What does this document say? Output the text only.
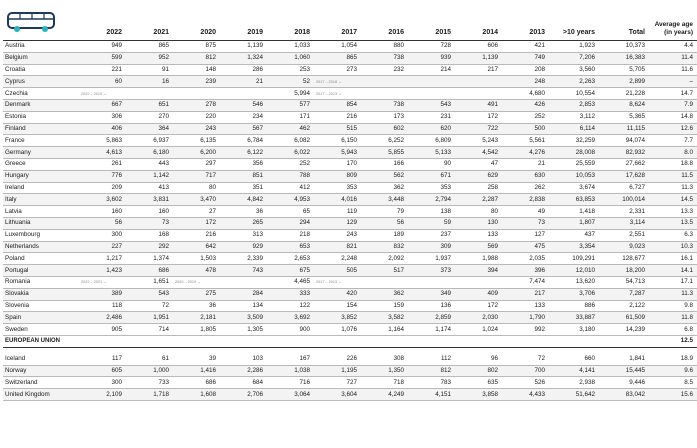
	2022	2021	2020	2019	2018	2017	2016	2015	2014	2013	>10 years	Total	Average age (in years)
Austria	949	865	875	1,139	1,033	1,054	880	728	606	421	1,923	10,373	4.4
Belgium	599	952	812	1,324	1,060	865	738	939	1,139	749	7,206	16,383	11.4
Croatia	221	91	148	286	253	273	232	214	217	208	3,560	5,705	11.6
Cyprus	60	16	239	21	52	2017 – 2018 →				248	2,263	2,899	–
Czechia	2022 – 2019 →				5,994	2017 – 2013 →				4,680	10,554	21,228	14.7
Denmark	667	651	278	546	577	854	738	543	491	426	2,853	8,624	7.9
Estonia	306	270	220	234	171	216	173	231	172	252	3,112	5,365	14.8
Finland	406	364	243	567	462	515	602	620	722	500	6,114	11,115	12.6
France	5,863	6,937	6,135	6,784	6,082	6,150	6,252	6,809	5,243	5,561	32,259	94,074	7.7
Germany	4,613	6,180	6,200	6,122	6,022	5,943	5,855	5,133	4,542	4,276	28,008	82,932	8.0
Greece	261	443	297	356	252	170	166	90	47	21	25,559	27,662	18.8
Hungary	776	1,142	717	851	788	809	562	671	629	630	10,053	17,628	11.5
Ireland	209	413	80	351	412	353	362	353	258	262	3,674	6,727	11.3
Italy	3,602	3,831	3,470	4,842	4,953	4,016	3,448	2,794	2,287	2,838	63,853	100,014	14.5
Latvia	160	160	27	36	65	119	79	138	80	49	1,418	2,331	13.3
Lithuania	56	73	172	265	294	129	56	59	130	73	1,807	3,114	13.5
Luxembourg	300	168	216	313	218	243	189	237	133	127	437	2,551	6.3
Netherlands	227	292	642	929	653	821	832	309	569	475	3,354	9,023	10.3
Poland	1,217	1,374	1,503	2,339	2,653	2,248	2,092	1,937	1,988	2,035	109,291	128,677	16.1
Portugal	1,423	686	478	743	675	505	517	373	394	396	12,010	18,200	14.1
Romania	2022 – 2021 →	1,651	2020 – 2019 →		4,465	2017 – 2013 →				7,474	13,620	54,713	17.1
Slovakia	389	543	275	284	333	420	362	349	409	217	3,706	7,287	11.3
Slovenia	118	72	36	134	122	154	159	136	172	133	886	2,122	9.8
Spain	2,486	1,951	2,181	3,509	3,692	3,852	3,582	2,859	2,030	1,790	33,887	61,509	11.8
Sweden	905	714	1,805	1,305	900	1,076	1,164	1,174	1,024	992	3,180	14,239	6.8
EUROPEAN UNION													12.5

Iceland	117	61	39	103	167	226	308	112	96	72	660	1,841	18.9
Norway	605	1,000	1,416	2,286	1,038	1,195	1,350	812	802	700	4,141	15,445	9.6
Switzerland	300	733	686	684	716	727	718	783	635	526	2,938	9,446	8.5
United Kingdom	2,109	1,718	1,608	2,706	3,064	3,604	4,249	4,151	3,858	4,433	51,642	83,042	15.6
